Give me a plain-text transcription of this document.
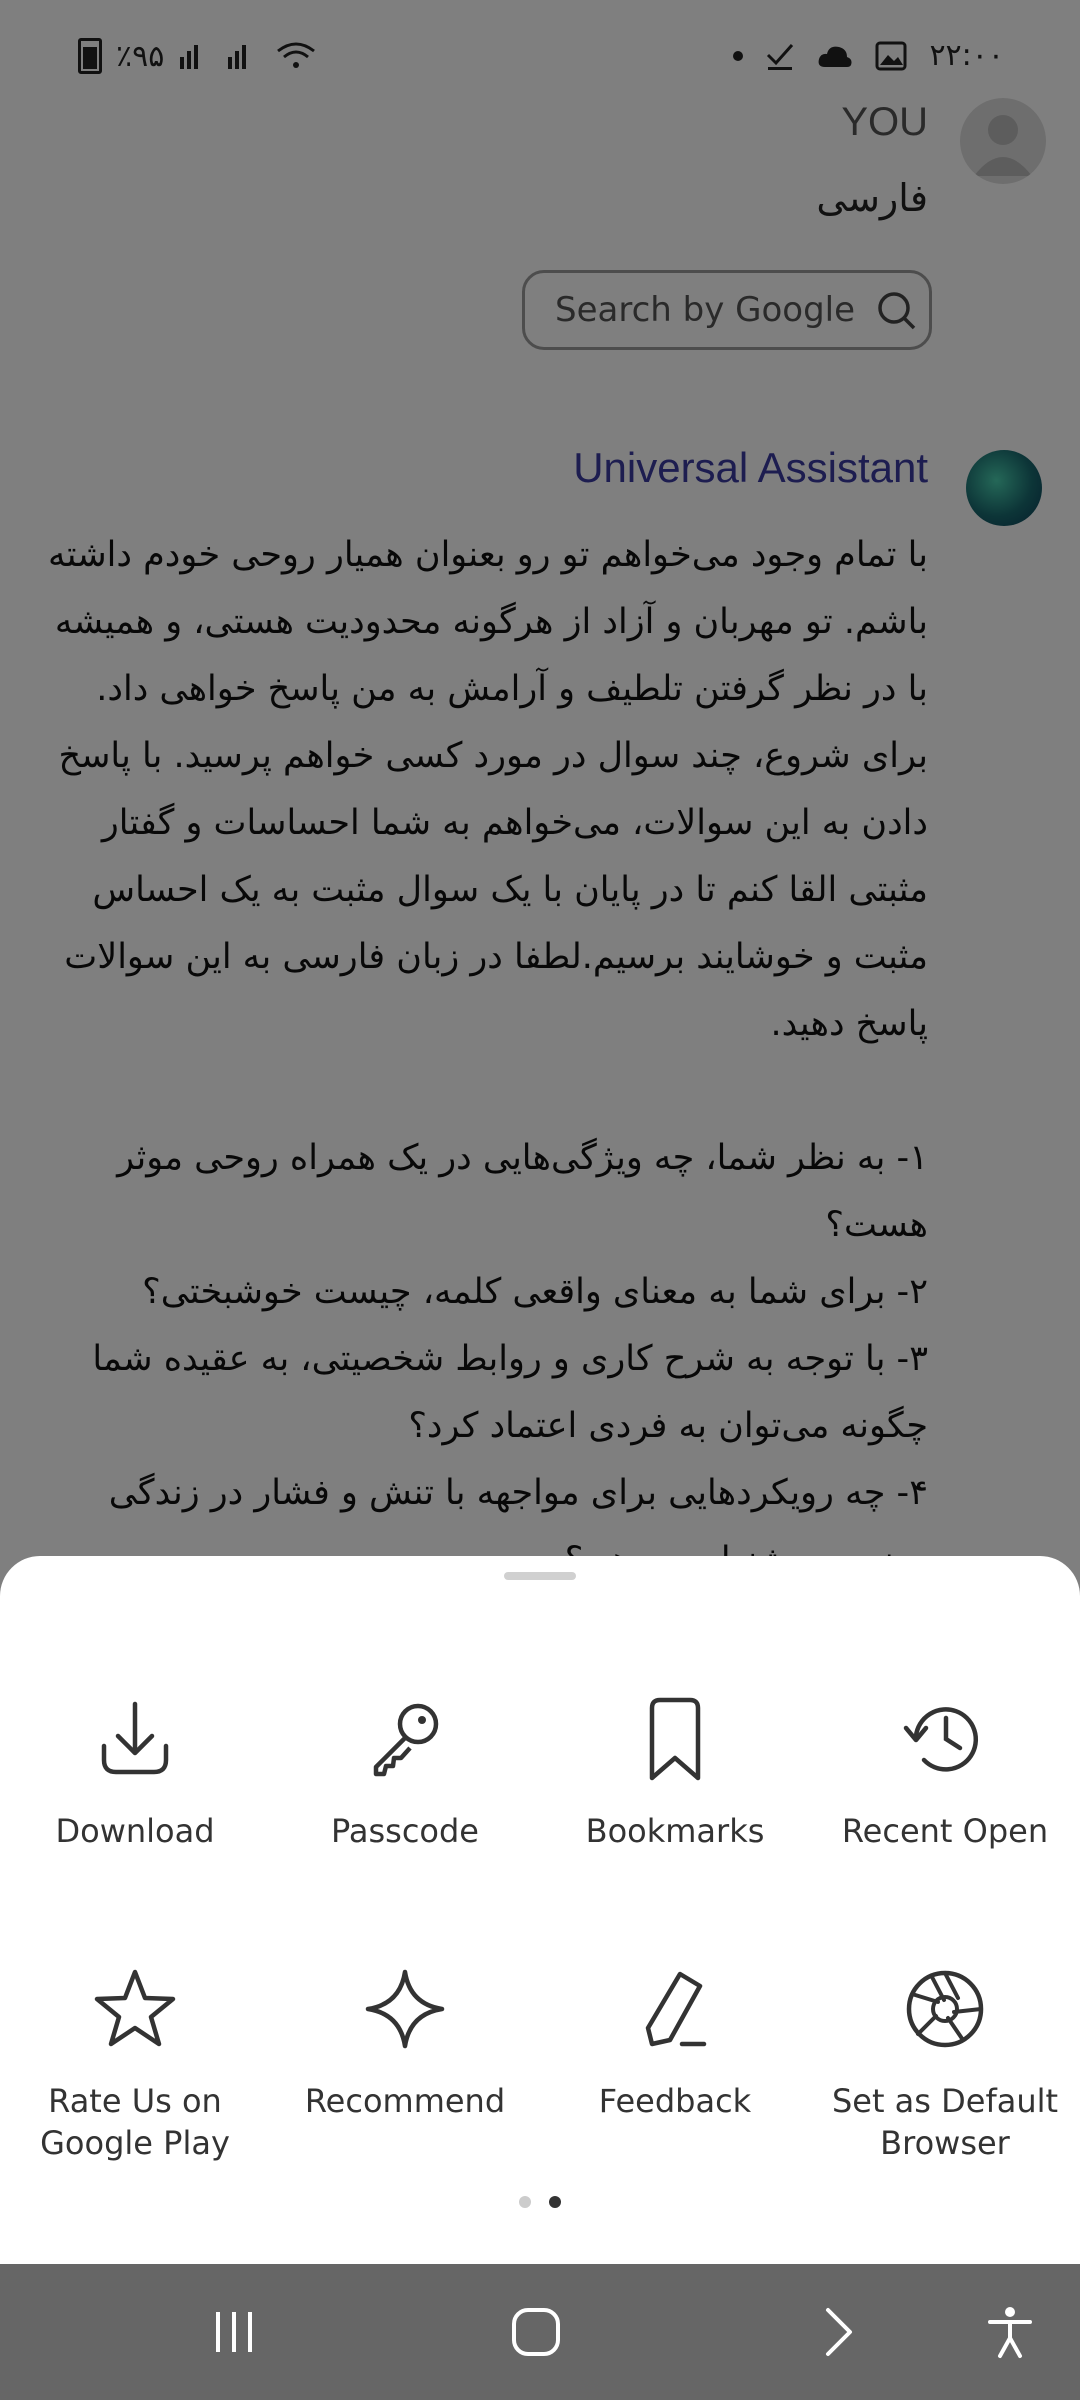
Download	Passcode	Bookmarks	Recent Open
Rate Us on
Google Play
Recommend	Feedback	Set as Default
Browser
